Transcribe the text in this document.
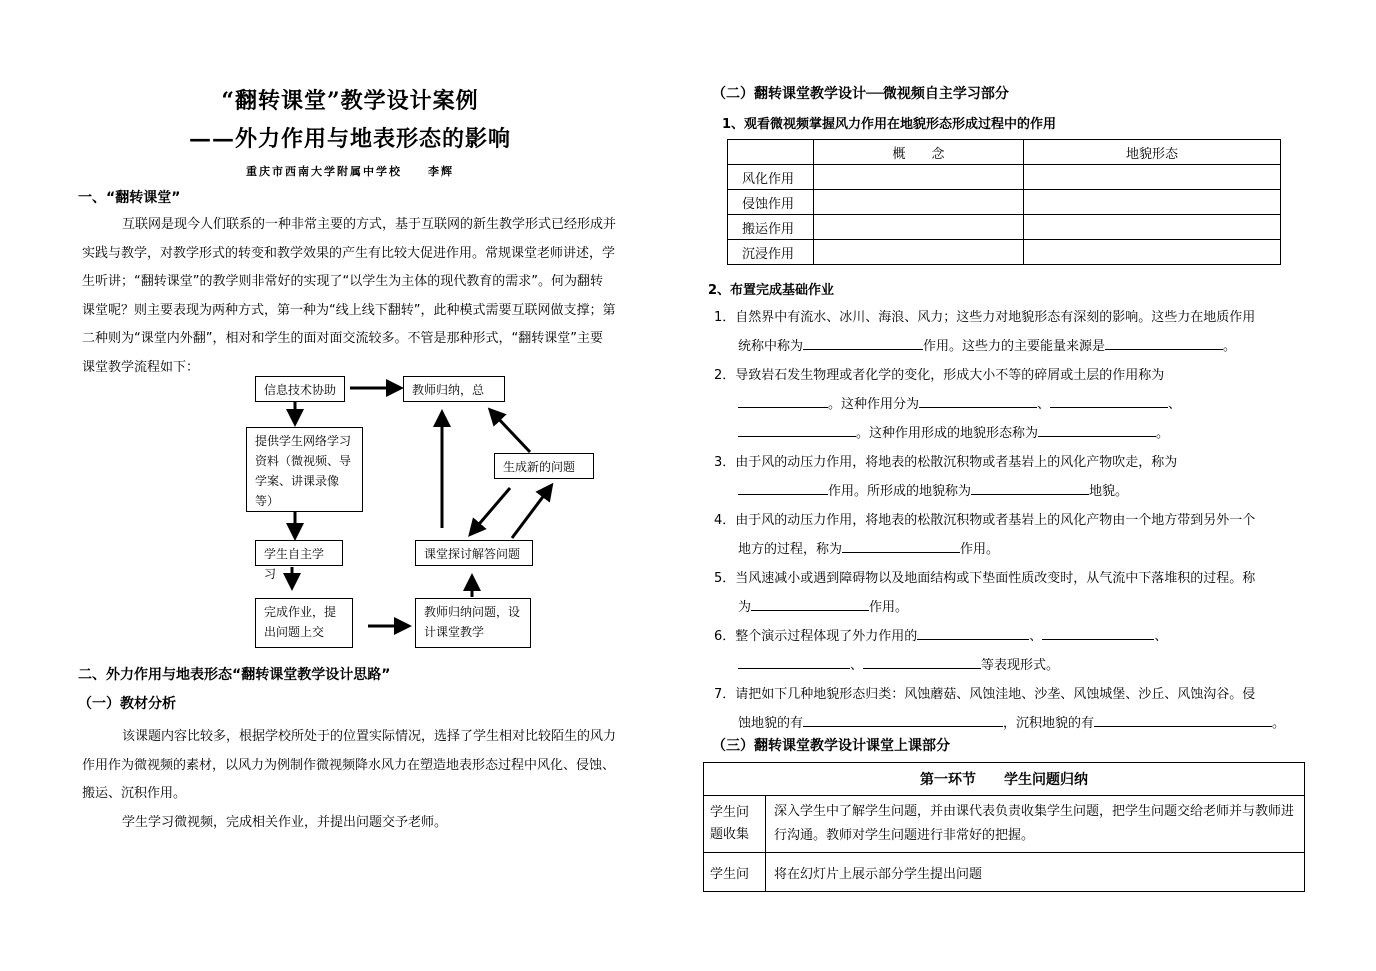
“翻转课堂”教学设计案例
——外力作用与地表形态的影响
重庆市西南大学附属中学校　　李辉
一、“翻转课堂”
互联网是现今人们联系的一种非常主要的方式，基于互联网的新生教学形式已经形成并
实践与教学，对教学形式的转变和教学效果的产生有比较大促进作用。常规课堂老师讲述，学
生听讲；“翻转课堂”的教学则非常好的实现了“以学生为主体的现代教育的需求”。何为翻转
课堂呢？则主要表现为两种方式，第一种为“线上线下翻转”，此种模式需要互联网做支撑；第
二种则为“课堂内外翻”，相对和学生的面对面交流较多。不管是那种形式，“翻转课堂”主要
课堂教学流程如下：
信息技术协助	教师归纳，总
提供学生网络学习资料（微视频、导学案、讲课录像等）
生成新的问题
学生自主学习
课堂探讨解答问题
完成作业，提出问题上交
教师归纳问题，设计课堂教学
二、外力作用与地表形态“翻转课堂教学设计思路”
（一）教材分析
该课题内容比较多，根据学校所处于的位置实际情况，选择了学生相对比较陌生的风力
作用作为微视频的素材，以风力为例制作微视频降水风力在塑造地表形态过程中风化、侵蚀、
搬运、沉积作用。
学生学习微视频，完成相关作业，并提出问题交予老师。
（二）翻转课堂教学设计──微视频自主学习部分
1、观看微视频掌握风力作用在地貌形态形成过程中的作用
	概　　念	地貌形态
风化作用		
侵蚀作用		
搬运作用		
沉浸作用		
2、布置完成基础作业
1．自然界中有流水、冰川、海浪、风力；这些力对地貌形态有深刻的影响。这些力在地质作用
统称中称为	作用。这些力的主要能量来源是	。
2．导致岩石发生物理或者化学的变化，形成大小不等的碎屑或土层的作用称为
。这种作用分为	、	、
。这种作用形成的地貌形态称为	。
3．由于风的动压力作用，将地表的松散沉积物或者基岩上的风化产物吹走，称为
作用。所形成的地貌称为	地貌。
4．由于风的动压力作用，将地表的松散沉积物或者基岩上的风化产物由一个地方带到另外一个
地方的过程，称为	作用。
5．当风速减小或遇到障碍物以及地面结构或下垫面性质改变时，从气流中下落堆积的过程。称
为	作用。
6．整个演示过程体现了外力作用的	、	、
、	等表现形式。
7．请把如下几种地貌形态归类：风蚀蘑菇、风蚀洼地、沙垄、风蚀城堡、沙丘、风蚀沟谷。侵
蚀地貌的有	，沉积地貌的有	。
（三）翻转课堂教学设计课堂上课部分
第一环节　　学生问题归纳	
学生问题收集	深入学生中了解学生问题，并由课代表负责收集学生问题，把学生问题交给老师并与教师进行沟通。教师对学生问题进行非常好的把握。
学生问	将在幻灯片上展示部分学生提出问题
